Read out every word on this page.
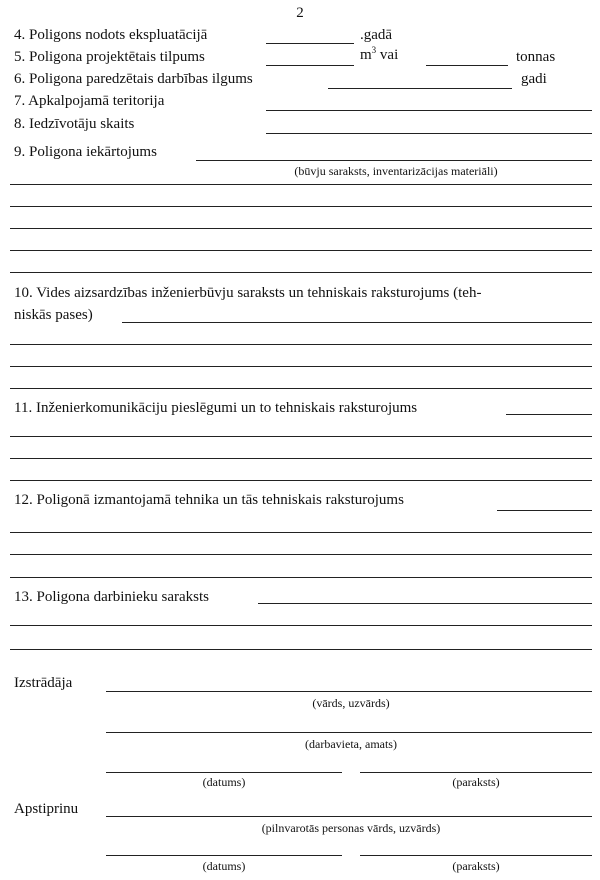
2
4. Poligons nodots ekspluatācijā	.gadā
5. Poligona projektētais tilpums	$m^3$ vai	tonnas
6. Poligona paredzētais darbības ilgums	gadi
7. Apkalpojamā teritorija
8. Iedzīvotāju skaits
9. Poligona iekārtojums
(būvju saraksts, inventarizācijas materiāli)
10. Vides aizsardzības inženierbūvju saraksts un tehniskais raksturojums (teh-
niskās pases)
11. Inženierkomunikāciju pieslēgumi un to tehniskais raksturojums
12. Poligonā izmantojamā tehnika un tās tehniskais raksturojums
13. Poligona darbinieku saraksts
Izstrādāja
(vārds, uzvārds)
(darbavieta, amats)
(datums)	(paraksts)
Apstiprinu
(pilnvarotās personas vārds, uzvārds)
(datums)	(paraksts)
